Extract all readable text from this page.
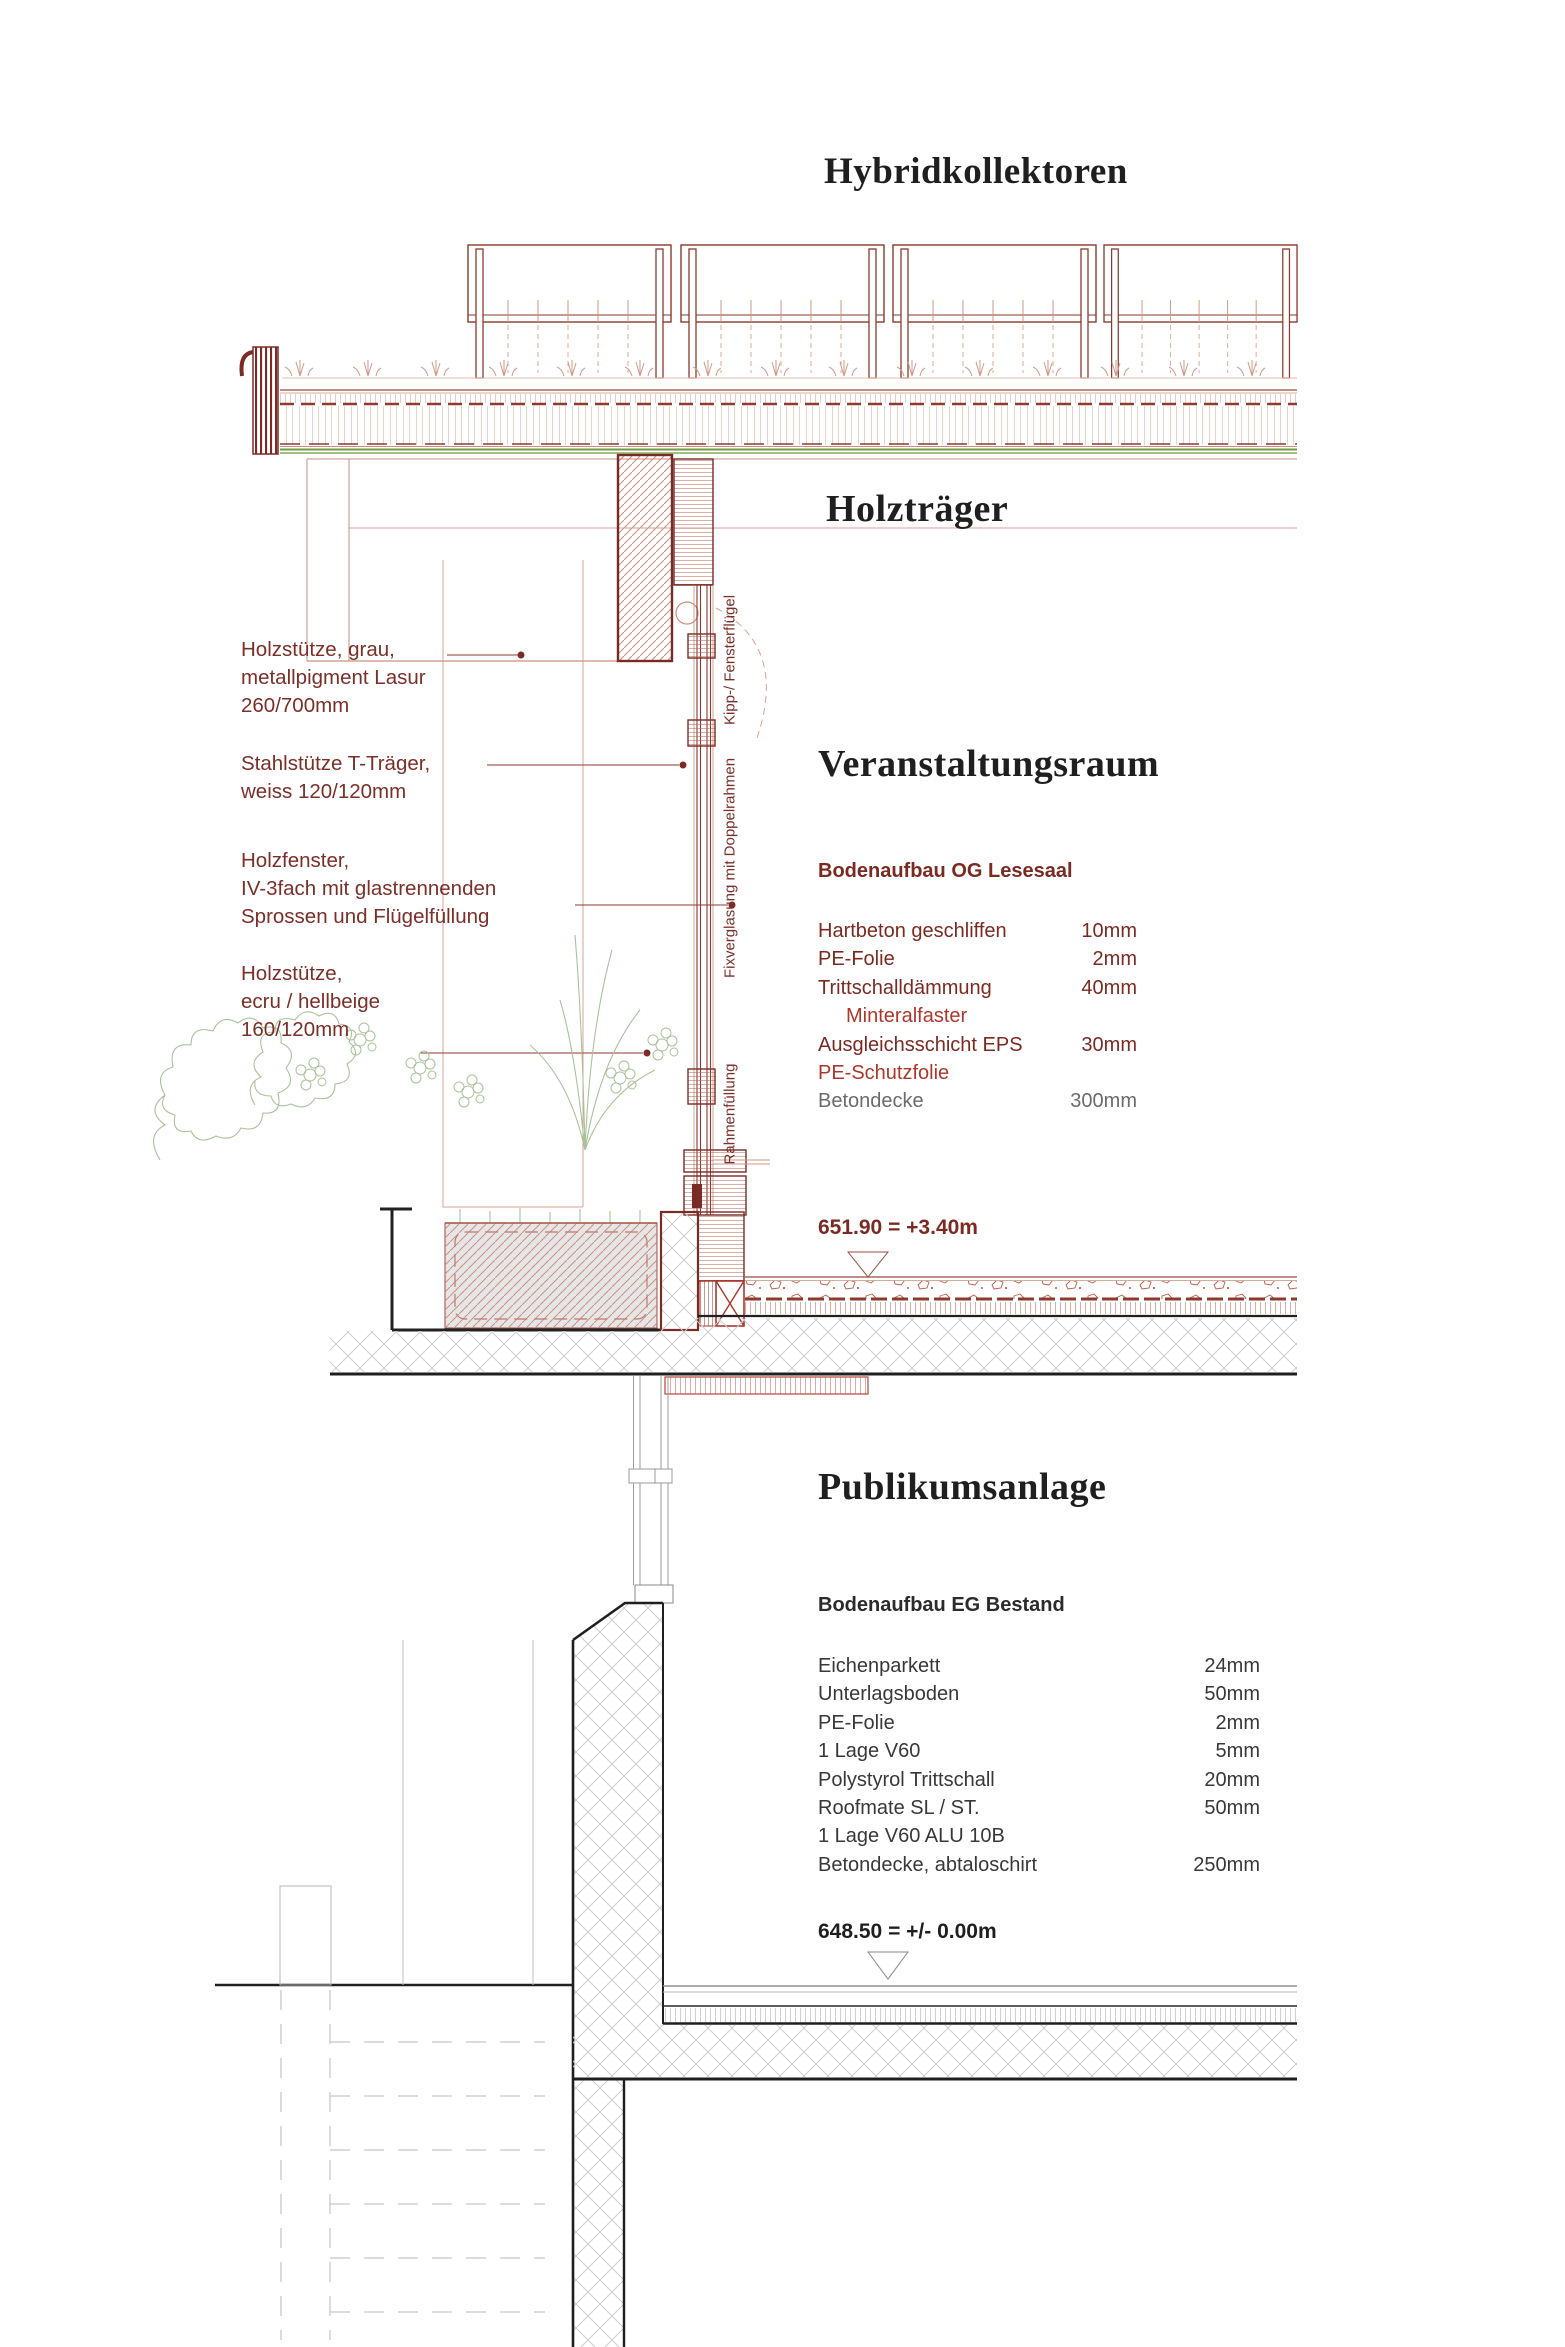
Hybridkollektoren
Holzträger
Veranstaltungsraum
Publikumsanlage
Holzstütze, grau,
metallpigment Lasur
260/700mm
Stahlstütze T-Träger,
weiss 120/120mm
Holzfenster,
IV-3fach mit glastrennenden
Sprossen und Flügelfüllung
Holzstütze,
ecru / hellbeige
160/120mm
Kipp-/ Fensterflügel
Fixverglasung mit Doppelrahmen
Rahmenfüllung
Bodenaufbau OG Lesesaal
Hartbeton geschliffen	10mm
PE-Folie	2mm
Trittschalldämmung	40mm
Minteralfaster
Ausgleichsschicht EPS	30mm
PE-Schutzfolie
Betondecke	300mm
651.90 = +3.40m
Bodenaufbau EG Bestand
Eichenparkett	24mm
Unterlagsboden	50mm
PE-Folie	2mm
1 Lage V60	5mm
Polystyrol Trittschall	20mm
Roofmate SL / ST.	50mm
1 Lage V60 ALU 10B
Betondecke, abtaloschirt	250mm
648.50 = +/- 0.00m
